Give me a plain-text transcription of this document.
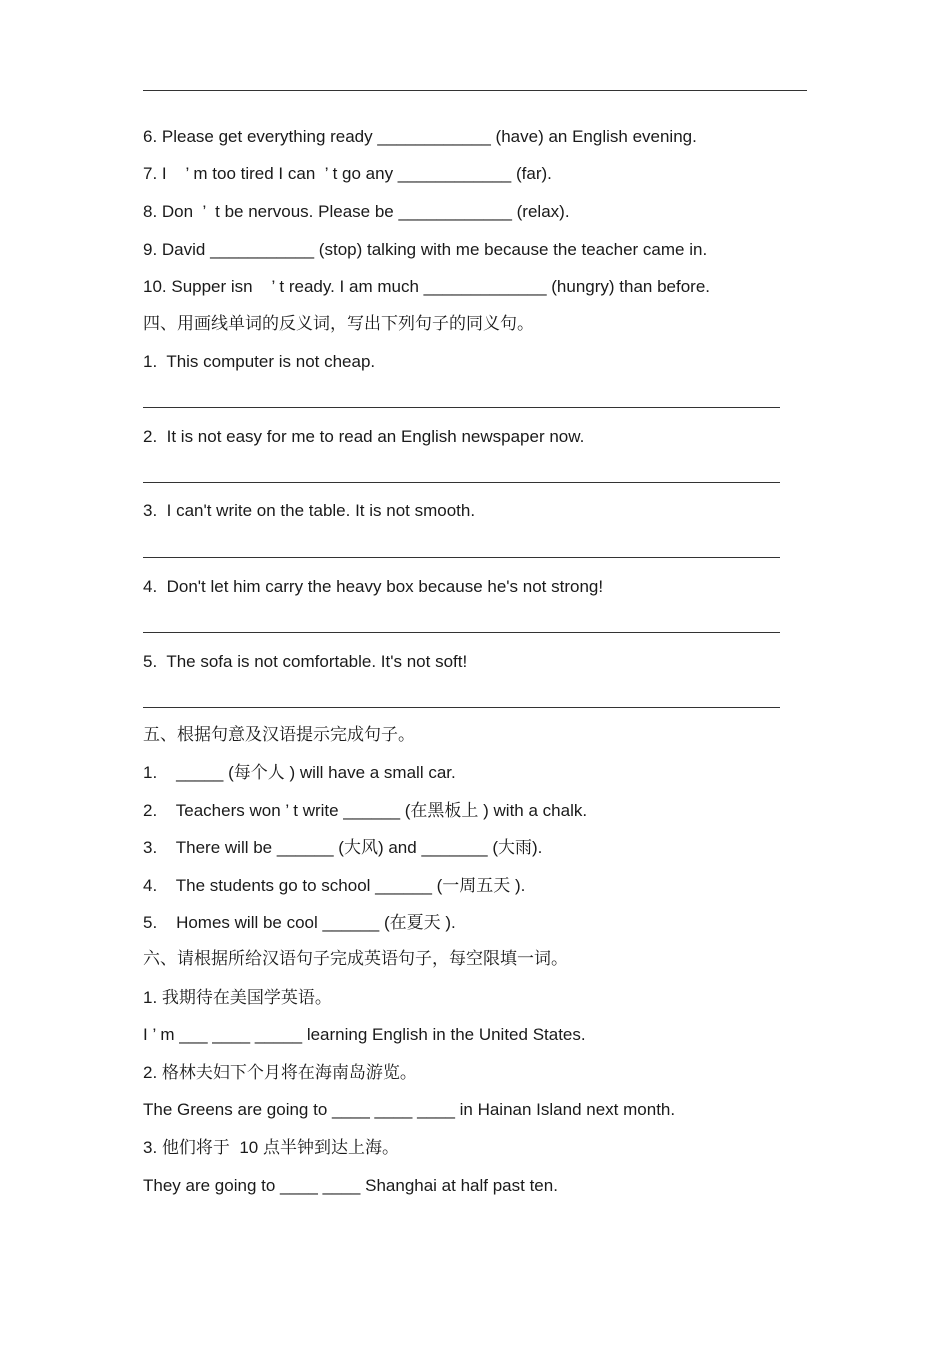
6. Please get everything ready ____________ (have) an English evening.
7. I    ’ m too tired I can  ’ t go any ____________ (far).
8. Don  ’  t be nervous. Please be ____________ (relax).
9. David ___________ (stop) talking with me because the teacher came in.
10. Supper isn    ’ t ready. I am much _____________ (hungry) than before.
四、用画线单词的反义词，写出下列句子的同义句。
1.  This computer is not cheap.
2.  It is not easy for me to read an English newspaper now.
3.  I can't write on the table. It is not smooth.
4.  Don't let him carry the heavy box because he's not strong!
5.  The sofa is not comfortable. It's not soft!
五、根据句意及汉语提示完成句子。
1.    _____ (每个人 ) will have a small car.
2.    Teachers won ’ t write ______ (在黑板上 ) with a chalk.
3.    There will be ______ (大风) and _______ (大雨).
4.    The students go to school ______ (一周五天 ).
5.    Homes will be cool ______ (在夏天 ).
六、请根据所给汉语句子完成英语句子，每空限填一词。
1. 我期待在美国学英语。
I ’ m ___ ____ _____ learning English in the United States.
2. 格林夫妇下个月将在海南岛游览。
The Greens are going to ____ ____ ____ in Hainan Island next month.
3. 他们将于  10 点半钟到达上海。
They are going to ____ ____ Shanghai at half past ten.
